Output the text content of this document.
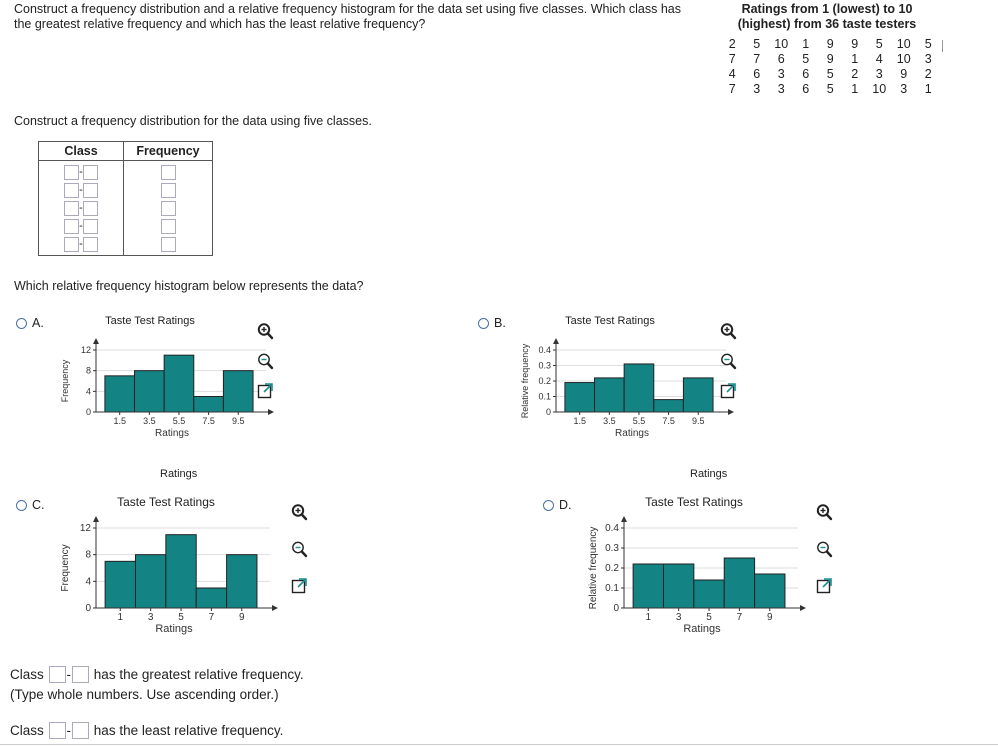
Construct a frequency distribution and a relative frequency histogram for the data set using five classes. Which class has
the greatest relative frequency and which has the least relative frequency?
Ratings from 1 (lowest) to 10
(highest) from 36 taste testers
2	5	10	1	9	9	5	10	5
7	7	6	5	9	1	4	10	3
4	6	3	6	5	2	3	9	2
7	3	3	6	5	1	10	3	1
Construct a frequency distribution for the data using five classes.
Class	Frequency

-
-
-
-
-	

Which relative frequency histogram below represents the data?
A.	B.
C.	D.
Taste Test Ratings
0
4
8
12
1.5 3.5 5.5 7.5 9.5
Ratings
Frequency
Taste Test Ratings
0
0.1
0.2
0.3
0.4
1.5 3.5 5.5 7.5 9.5
Ratings
Relative frequency
Taste Test Ratings
0
4
8
12
1 3 5 7 9
Ratings
Frequency
Taste Test Ratings
0
0.1
0.2
0.3
0.4
1 3 5 7 9
Ratings
Relative frequency
Ratings	Ratings
Class
-
has the greatest relative frequency.
(Type whole numbers. Use ascending order.)
Class
-
has the least relative frequency.
